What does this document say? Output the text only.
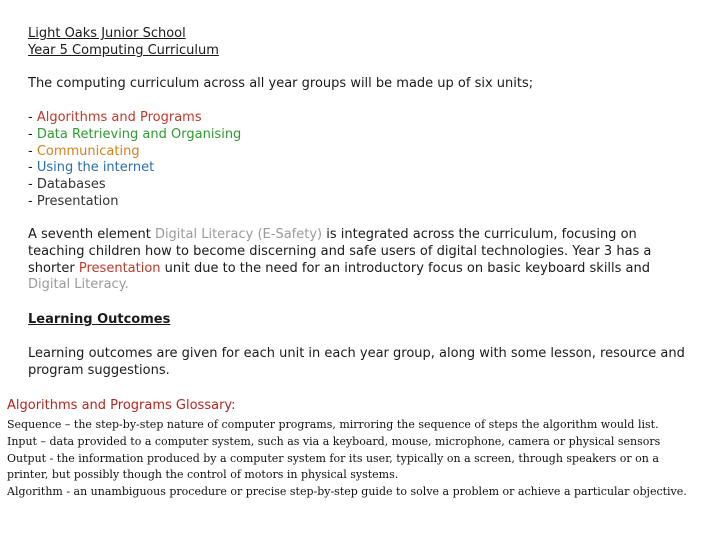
Light Oaks Junior School
Year 5 Computing Curriculum
The computing curriculum across all year groups will be made up of six units;
- Algorithms and Programs
- Data Retrieving and Organising
- Communicating
- Using the internet
- Databases
- Presentation
A seventh element Digital Literacy (E-Safety) is integrated across the curriculum, focusing on teaching children how to become discerning and safe users of digital technologies. Year 3 has a shorter Presentation unit due to the need for an introductory focus on basic keyboard skills and Digital Literacy.
Learning Outcomes
Learning outcomes are given for each unit in each year group, along with some lesson, resource and program suggestions.
Algorithms and Programs Glossary:
Sequence – the step-by-step nature of computer programs, mirroring the sequence of steps the algorithm would list.
Input – data provided to a computer system, such as via a keyboard, mouse, microphone, camera or physical sensors
Output - the information produced by a computer system for its user, typically on a screen, through speakers or on a
printer, but possibly though the control of motors in physical systems.
Algorithm - an unambiguous procedure or precise step-by-step guide to solve a problem or achieve a particular objective.
